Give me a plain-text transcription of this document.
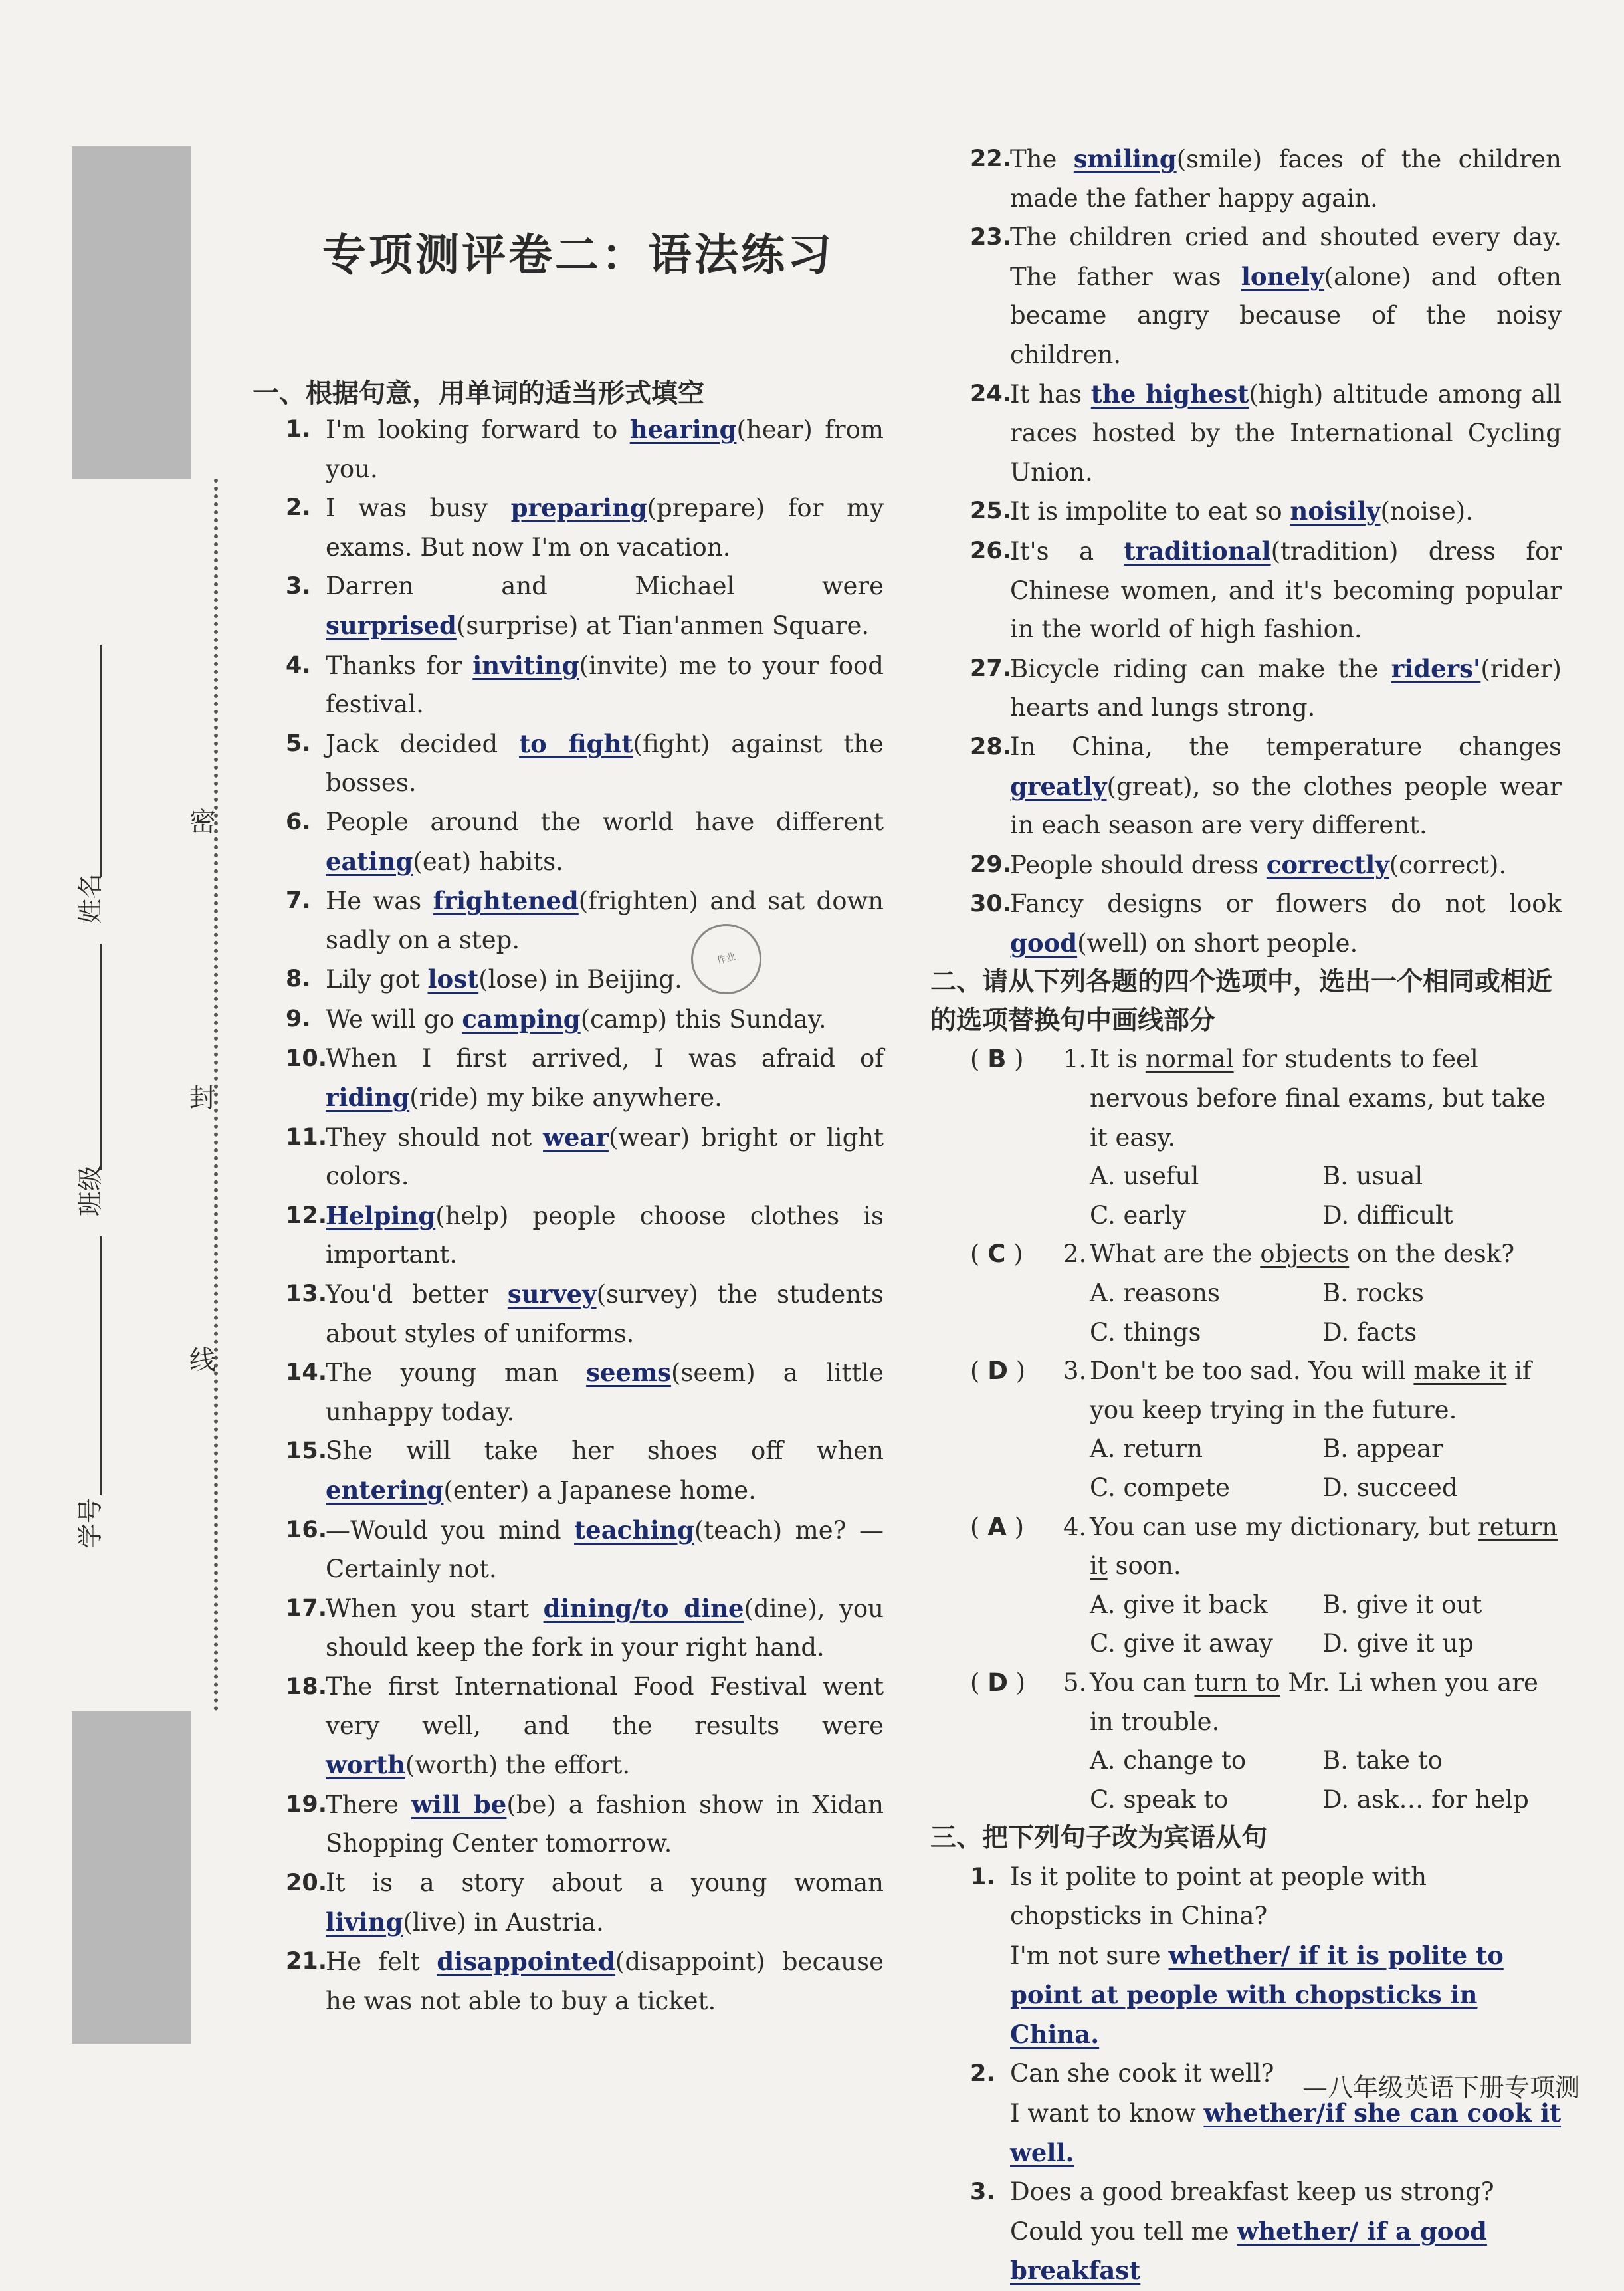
密
封
线
姓名
班级
学号
专项测评卷二：语法练习
作业
一、根据句意，用单词的适当形式填空
1. I'm looking forward to hearing(hear) from you.
2. I was busy preparing(prepare) for my exams. But now I'm on vacation.
3. Darren and Michael were surprised(surprise) at Tian'anmen Square.
4. Thanks for inviting(invite) me to your food festival.
5. Jack decided to fight(fight) against the bosses.
6. People around the world have different eating(eat) habits.
7. He was frightened(frighten) and sat down sadly on a step.
8. Lily got lost(lose) in Beijing.
9. We will go camping(camp) this Sunday.
10.
When I first arrived, I was afraid of riding(ride) my bike anywhere.
11.
They should not wear(wear) bright or light colors.
12.
Helping(help) people choose clothes is important.
13.
You'd better survey(survey) the students about styles of uniforms.
14.
The young man seems(seem) a little unhappy today.
15.
She will take her shoes off when entering(enter) a Japanese home.
16.
—Would you mind teaching(teach) me? —Certainly not.
17.
When you start dining/to dine(dine), you should keep the fork in your right hand.
18.
The first International Food Festival went very well, and the results were worth(worth) the effort.
19.
There will be(be) a fashion show in Xidan Shopping Center tomorrow.
20.
It is a story about a young woman living(live) in Austria.
21.
He felt disappointed(disappoint) because he was not able to buy a ticket.
22.
The smiling(smile) faces of the children made the father happy again.
23.
The children cried and shouted every day. The father was lonely(alone) and often became angry because of the noisy children.
24.
It has the highest(high) altitude among all races hosted by the International Cycling Union.
25.
It is impolite to eat so noisily(noise).
26.
It's a traditional(tradition) dress for Chinese women, and it's becoming popular in the world of high fashion.
27.
Bicycle riding can make the riders'(rider) hearts and lungs strong.
28.
In China, the temperature changes greatly(great), so the clothes people wear in each season are very different.
29.
People should dress correctly(correct).
30.
Fancy designs or flowers do not look good(well) on short people.
二、请从下列各题的四个选项中，选出一个相同或相近的选项替换句中画线部分
( B ) 1. It is normal for students to feel nervous before final exams, but take it easy.
A. useful	B. usual
C. early	D. difficult
( C ) 2. What are the objects on the desk?
A. reasons	B. rocks
C. things	D. facts
( D ) 3. Don't be too sad. You will make it if you keep trying in the future.
A. return	B. appear
C. compete	D. succeed
( A ) 4. You can use my dictionary, but return it soon.
A. give it back	B. give it out
C. give it away	D. give it up
( D ) 5. You can turn to Mr. Li when you are in trouble.
A. change to	B. take to
C. speak to	D. ask… for help
三、把下列句子改为宾语从句
1. Is it polite to point at people with chopsticks in China?
I'm not sure whether/ if it is polite to point at people with chopsticks in China.
2. Can she cook it well?
I want to know whether/if she can cook it well.
3. Does a good breakfast keep us strong?
Could you tell me whether/ if a good breakfast
—八年级英语下册专项测
